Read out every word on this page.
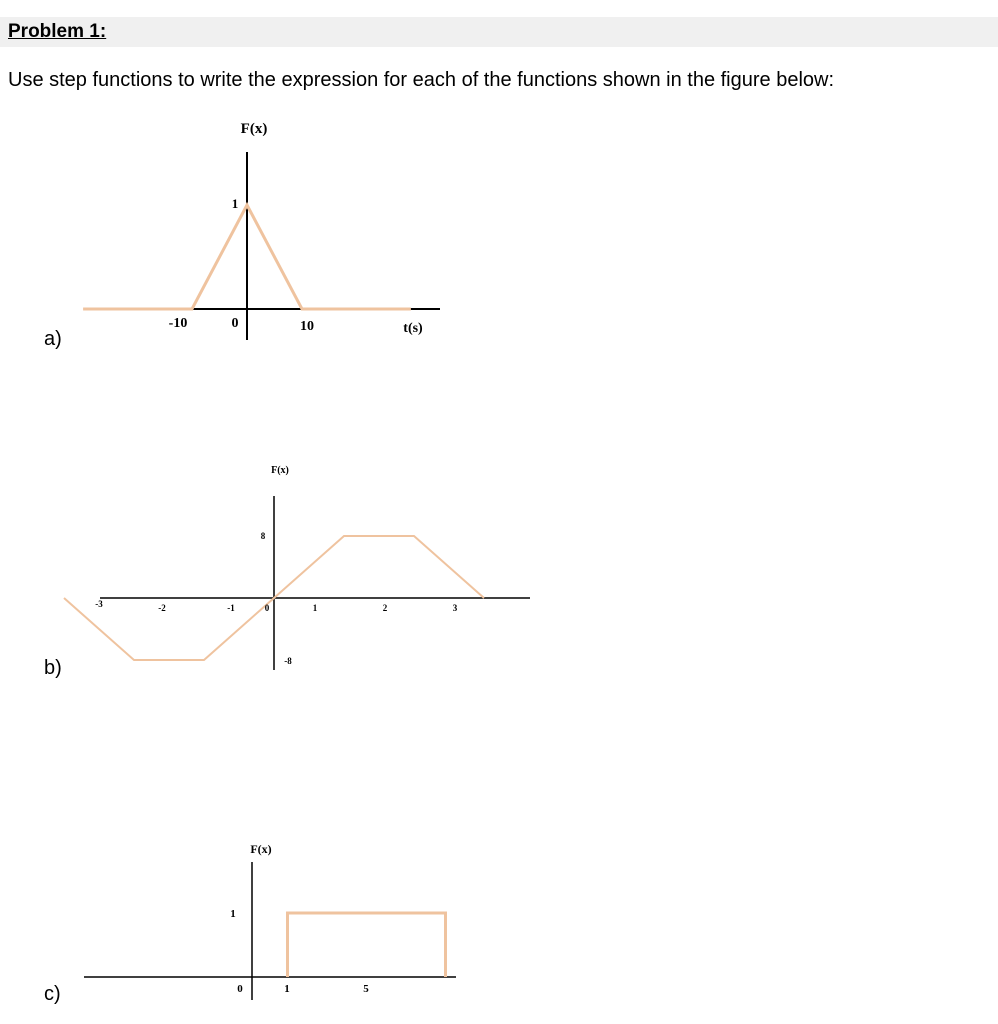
Problem 1:
Use step functions to write the expression for each of the functions shown in the figure below:
a)
b)
c)
F(x)
1
-10	0	10	t(s)
F(x)
8
-8
-3	-2	-1	0	1	2	3
F(x)
1
0	1	5
